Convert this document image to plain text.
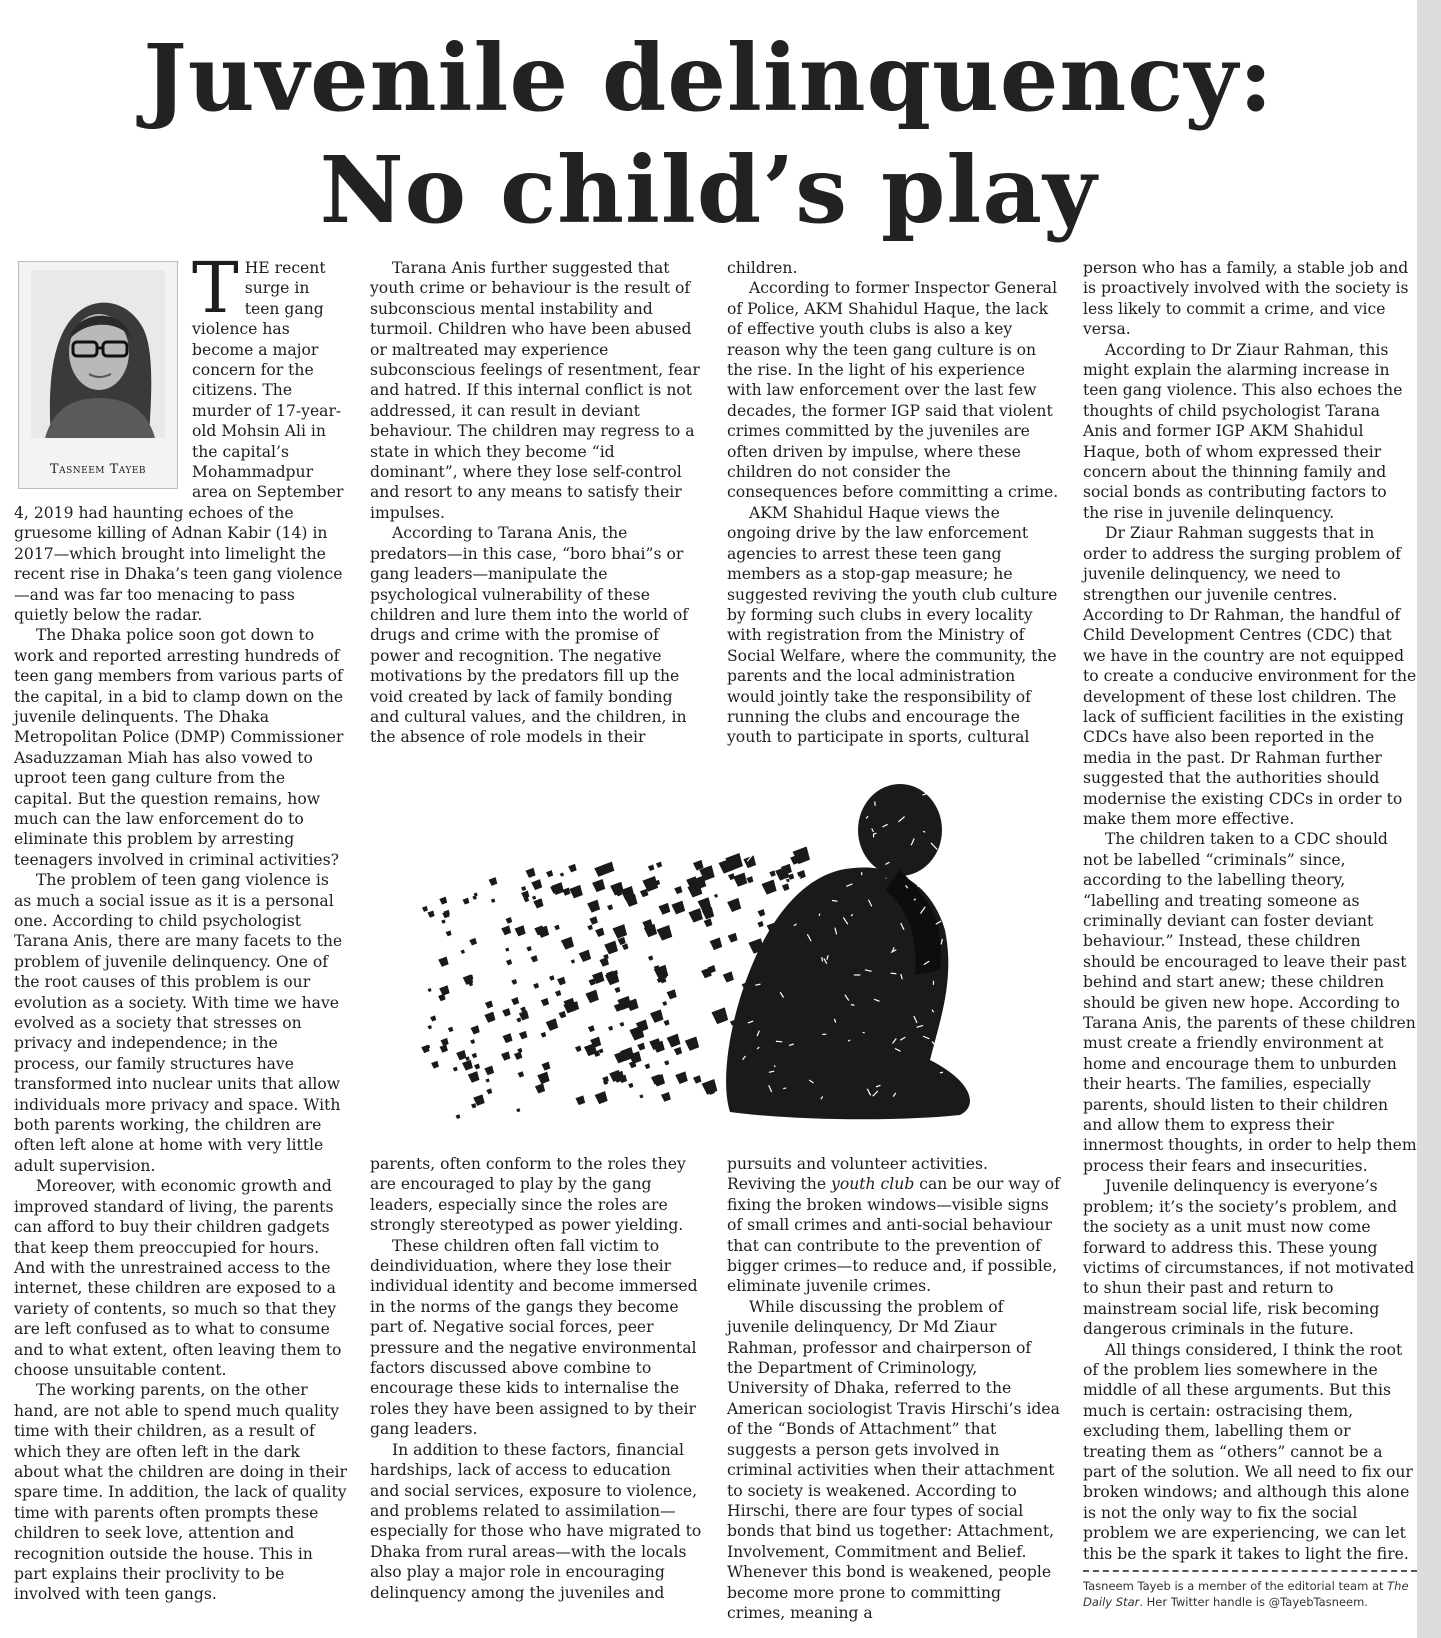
Juvenile delinquency:
No child’s play
Tasneem Tayeb

THE recent surge in teen gang violence has become a major concern for the citizens. The murder of 17-year-old Mohsin Ali in the capital’s Mohammadpur area on September 4, 2019 had haunting echoes of the gruesome killing of Adnan Kabir (14) in 2017—which brought into limelight the recent rise in Dhaka’s teen gang violence—and was far too menacing to pass quietly below the radar.

The Dhaka police soon got down to work and reported arresting hundreds of teen gang members from various parts of the capital, in a bid to clamp down on the juvenile delinquents. The Dhaka Metropolitan Police (DMP) Commissioner Asaduzzaman Miah has also vowed to uproot teen gang culture from the capital. But the question remains, how much can the law enforcement do to eliminate this problem by arresting teenagers involved in criminal activities?

The problem of teen gang violence is as much a social issue as it is a personal one. According to child psychologist Tarana Anis, there are many facets to the problem of juvenile delinquency. One of the root causes of this problem is our evolution as a society. With time we have evolved as a society that stresses on privacy and independence; in the process, our family structures have transformed into nuclear units that allow individuals more privacy and space. With both parents working, the children are often left alone at home with very little adult supervision.

Moreover, with economic growth and improved standard of living, the parents can afford to buy their children gadgets that keep them preoccupied for hours. And with the unrestrained access to the internet, these children are exposed to a variety of contents, so much so that they are left confused as to what to consume and to what extent, often leaving them to choose unsuitable content.

The working parents, on the other hand, are not able to spend much quality time with their children, as a result of which they are often left in the dark about what the children are doing in their spare time. In addition, the lack of quality time with parents often prompts these children to seek love, attention and recognition outside the house. This in part explains their proclivity to be involved with teen gangs.

Tarana Anis further suggested that youth crime or behaviour is the result of subconscious mental instability and turmoil. Children who have been abused or maltreated may experience subconscious feelings of resentment, fear and hatred. If this internal conflict is not addressed, it can result in deviant behaviour. The children may regress to a state in which they become “id dominant”, where they lose self-control and resort to any means to satisfy their impulses.

According to Tarana Anis, the predators—in this case, “boro bhai”s or gang leaders—manipulate the psychological vulnerability of these children and lure them into the world of drugs and crime with the promise of power and recognition. The negative motivations by the predators fill up the void created by lack of family bonding and cultural values, and the children, in the absence of role models in their

children.

According to former Inspector General of Police, AKM Shahidul Haque, the lack of effective youth clubs is also a key reason why the teen gang culture is on the rise. In the light of his experience with law enforcement over the last few decades, the former IGP said that violent crimes committed by the juveniles are often driven by impulse, where these children do not consider the consequences before committing a crime.

AKM Shahidul Haque views the ongoing drive by the law enforcement agencies to arrest these teen gang members as a stop-gap measure; he suggested reviving the youth club culture by forming such clubs in every locality with registration from the Ministry of Social Welfare, where the community, the parents and the local administration would jointly take the responsibility of running the clubs and encourage the youth to participate in sports, cultural

parents, often conform to the roles they are encouraged to play by the gang leaders, especially since the roles are strongly stereotyped as power yielding.

These children often fall victim to deindividuation, where they lose their individual identity and become immersed in the norms of the gangs they become part of. Negative social forces, peer pressure and the negative environmental factors discussed above combine to encourage these kids to internalise the roles they have been assigned to by their gang leaders.

In addition to these factors, financial hardships, lack of access to education and social services, exposure to violence, and problems related to assimilation—especially for those who have migrated to Dhaka from rural areas—with the locals also play a major role in encouraging delinquency among the juveniles and

pursuits and volunteer activities. Reviving the youth club can be our way of fixing the broken windows—visible signs of small crimes and anti-social behaviour that can contribute to the prevention of bigger crimes—to reduce and, if possible, eliminate juvenile crimes.

While discussing the problem of juvenile delinquency, Dr Md Ziaur Rahman, professor and chairperson of the Department of Criminology, University of Dhaka, referred to the American sociologist Travis Hirschi’s idea of the “Bonds of Attachment” that suggests a person gets involved in criminal activities when their attachment to society is weakened. According to Hirschi, there are four types of social bonds that bind us together: Attachment, Involvement, Commitment and Belief. Whenever this bond is weakened, people become more prone to committing crimes, meaning a

person who has a family, a stable job and is proactively involved with the society is less likely to commit a crime, and vice versa.

According to Dr Ziaur Rahman, this might explain the alarming increase in teen gang violence. This also echoes the thoughts of child psychologist Tarana Anis and former IGP AKM Shahidul Haque, both of whom expressed their concern about the thinning family and social bonds as contributing factors to the rise in juvenile delinquency.

Dr Ziaur Rahman suggests that in order to address the surging problem of juvenile delinquency, we need to strengthen our juvenile centres. According to Dr Rahman, the handful of Child Development Centres (CDC) that we have in the country are not equipped to create a conducive environment for the development of these lost children. The lack of sufficient facilities in the existing CDCs have also been reported in the media in the past. Dr Rahman further suggested that the authorities should modernise the existing CDCs in order to make them more effective.

The children taken to a CDC should not be labelled “criminals” since, according to the labelling theory, “labelling and treating someone as criminally deviant can foster deviant behaviour.” Instead, these children should be encouraged to leave their past behind and start anew; these children should be given new hope. According to Tarana Anis, the parents of these children must create a friendly environment at home and encourage them to unburden their hearts. The families, especially parents, should listen to their children and allow them to express their innermost thoughts, in order to help them process their fears and insecurities.

Juvenile delinquency is everyone’s problem; it’s the society’s problem, and the society as a unit must now come forward to address this. These young victims of circumstances, if not motivated to shun their past and return to mainstream social life, risk becoming dangerous criminals in the future.

All things considered, I think the root of the problem lies somewhere in the middle of all these arguments. But this much is certain: ostracising them, excluding them, labelling them or treating them as “others” cannot be a part of the solution. We all need to fix our broken windows; and although this alone is not the only way to fix the social problem we are experiencing, we can let this be the spark it takes to light the fire.

Tasneem Tayeb is a member of the editorial team at The Daily Star. Her Twitter handle is @TayebTasneem.
